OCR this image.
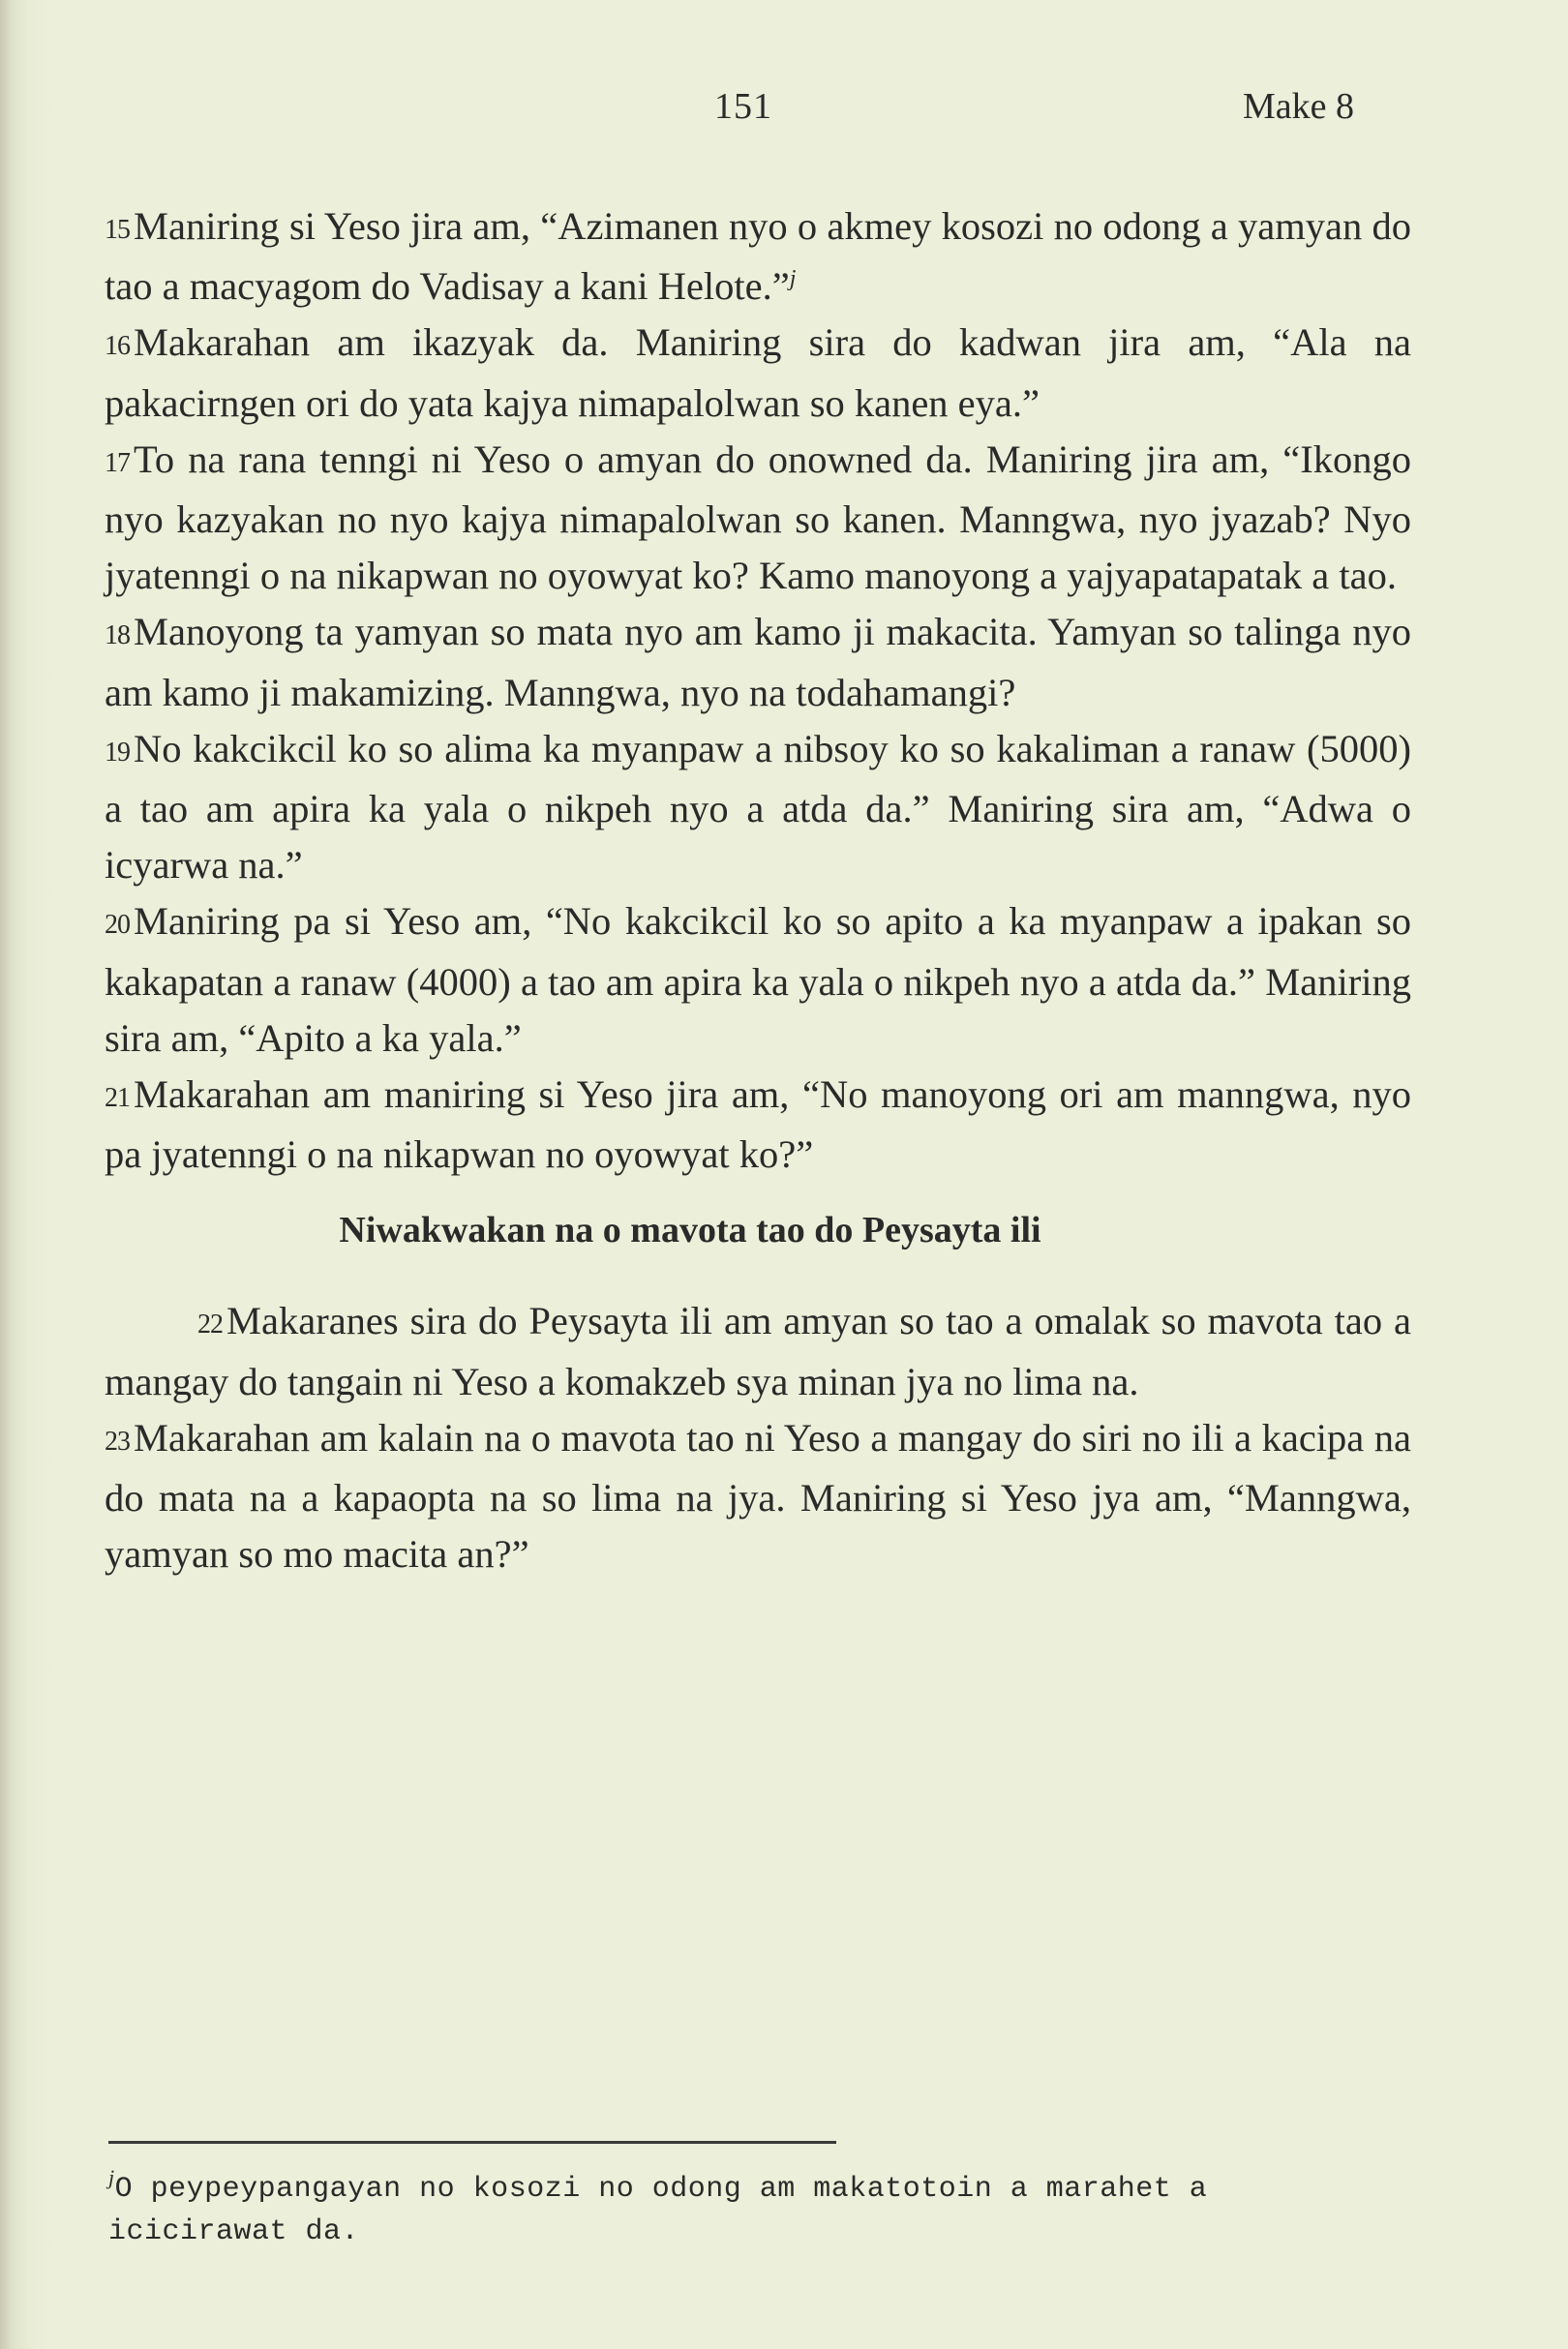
151	Make 8

15Maniring si Yeso jira am, “Azimanen nyo o akmey kosozi no odong a yamyan do tao a macyagom do Vadisay a kani Helote.”$^j$

16Makarahan am ikazyak da. Maniring sira do kadwan jira am, “Ala na pakacirngen ori do yata kajya nimapalolwan so kanen eya.”

17To na rana tenngi ni Yeso o amyan do onowned da. Maniring jira am, “Ikongo nyo kazyakan no nyo kajya nimapalolwan so kanen. Manngwa, nyo jyazab? Nyo jyatenngi o na nikapwan no oyowyat ko? Kamo manoyong a yajyapatapatak a tao.

18Manoyong ta yamyan so mata nyo am kamo ji makacita. Yamyan so talinga nyo am kamo ji makamizing. Manngwa, nyo na todahamangi?

19No kakcikcil ko so alima ka myanpaw a nibsoy ko so kakaliman a ranaw (5000) a tao am apira ka yala o nikpeh nyo a atda da.” Maniring sira am, “Adwa o icyarwa na.”

20Maniring pa si Yeso am, “No kakcikcil ko so apito a ka myanpaw a ipakan so kakapatan a ranaw (4000) a tao am apira ka yala o nikpeh nyo a atda da.” Maniring sira am, “Apito a ka yala.”

21Makarahan am maniring si Yeso jira am, “No manoyong ori am manngwa, nyo pa jyatenngi o na nikapwan no oyowyat ko?”

Niwakwakan na o mavota tao do Peysayta ili

22Makaranes sira do Peysayta ili am amyan so tao a omalak so mavota tao a mangay do tangain ni Yeso a komakzeb sya minan jya no lima na.

23Makarahan am kalain na o mavota tao ni Yeso a mangay do siri no ili a kacipa na do mata na a kapaopta na so lima na jya. Maniring si Yeso jya am, “Manngwa, yamyan so mo macita an?”

$^j$O peypeypangayan no kosozi no odong am makatotoin a marahet a icicirawat da.
